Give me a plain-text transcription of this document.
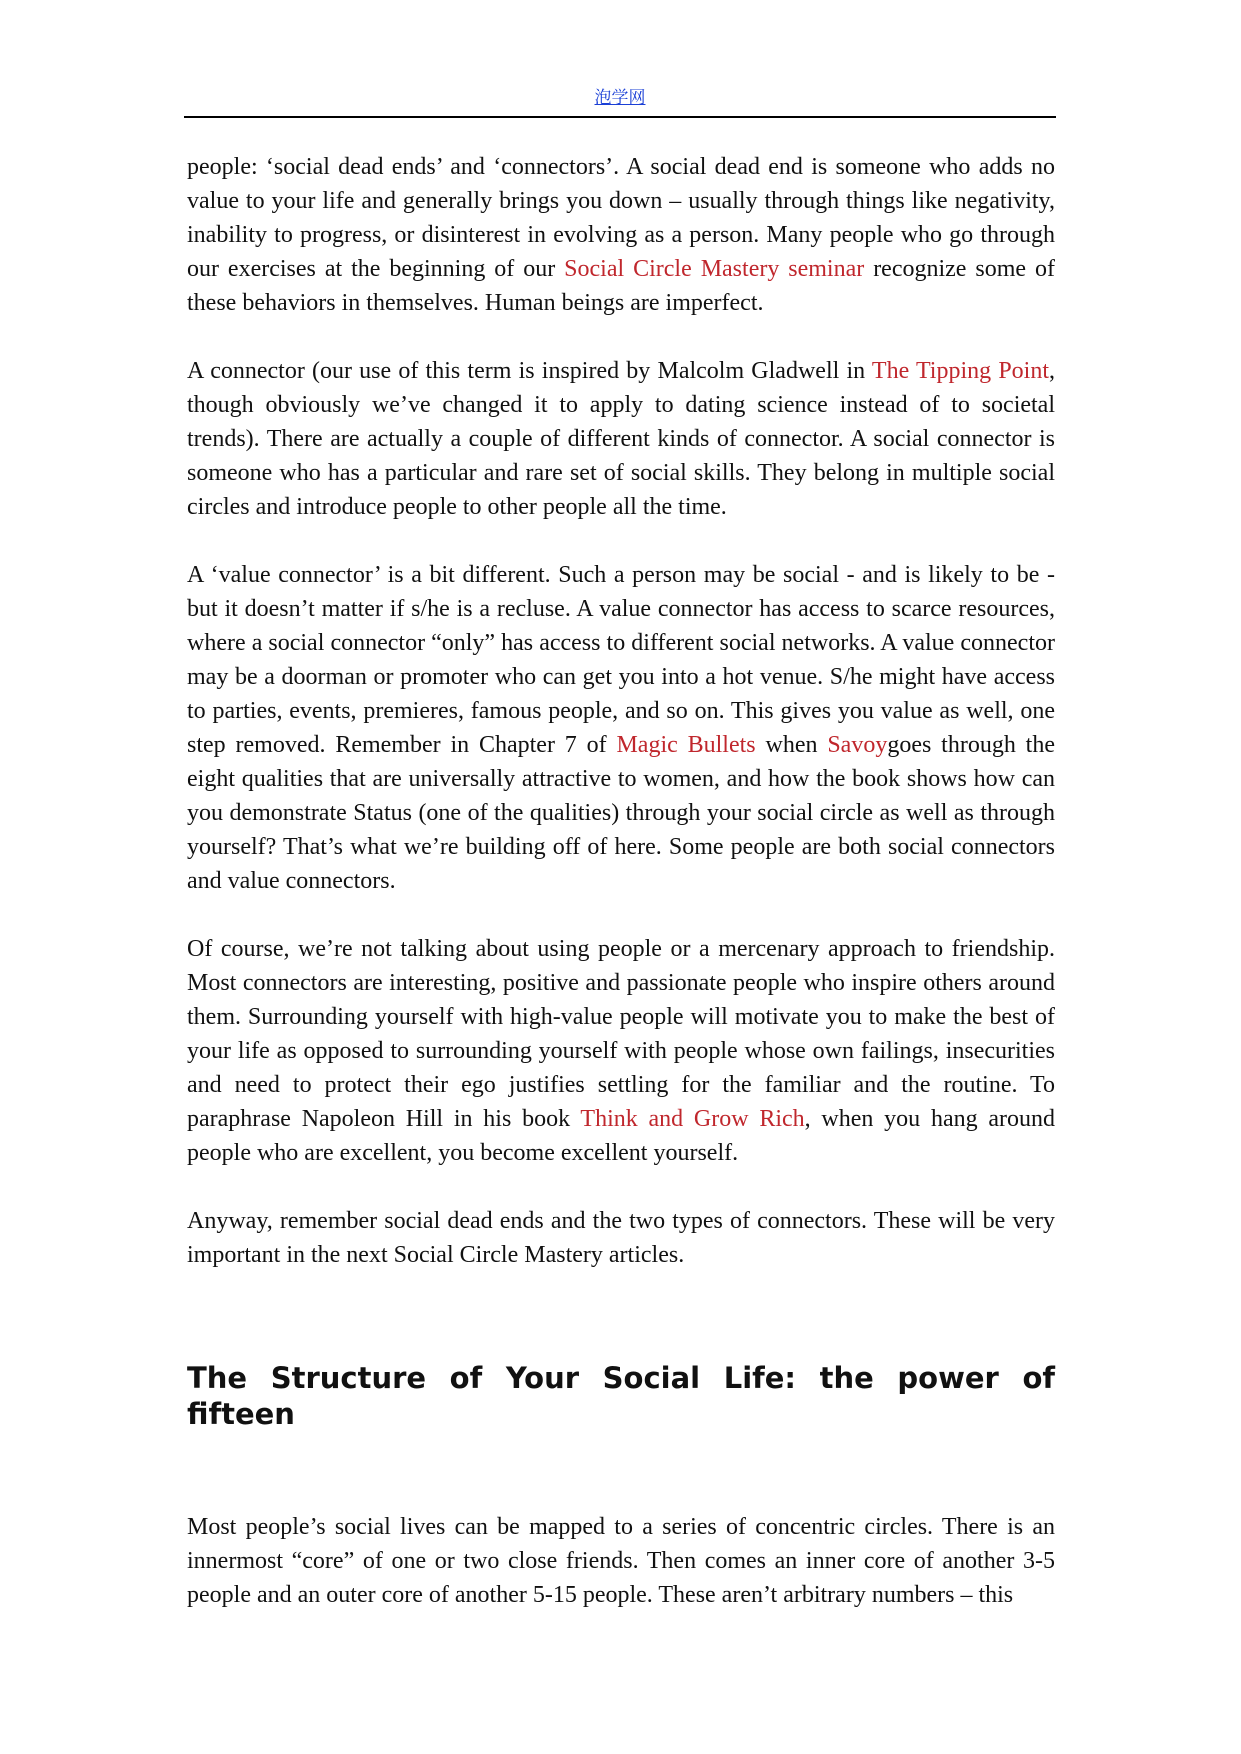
泡学网

people: ‘social dead ends’ and ‘connectors’. A social dead end is someone who adds no value to your life and generally brings you down – usually through things like negativity, inability to progress, or disinterest in evolving as a person. Many people who go through our exercises at the beginning of our Social Circle Mastery seminar recognize some of these behaviors in themselves. Human beings are imperfect.

A connector (our use of this term is inspired by Malcolm Gladwell in The Tipping Point, though obviously we’ve changed it to apply to dating science instead of to societal trends). There are actually a couple of different kinds of connector. A social connector is someone who has a particular and rare set of social skills. They belong in multiple social circles and introduce people to other people all the time.

A ‘value connector’ is a bit different. Such a person may be social - and is likely to be - but it doesn’t matter if s/he is a recluse. A value connector has access to scarce resources, where a social connector “only” has access to different social networks. A value connector may be a doorman or promoter who can get you into a hot venue. S/he might have access to parties, events, premieres, famous people, and so on. This gives you value as well, one step removed. Remember in Chapter 7 of Magic Bullets when Savoygoes through the eight qualities that are universally attractive to women, and how the book shows how can you demonstrate Status (one of the qualities) through your social circle as well as through yourself? That’s what we’re building off of here. Some people are both social connectors and value connectors.

Of course, we’re not talking about using people or a mercenary approach to friendship. Most connectors are interesting, positive and passionate people who inspire others around them. Surrounding yourself with high-value people will motivate you to make the best of your life as opposed to surrounding yourself with people whose own failings, insecurities and need to protect their ego justifies settling for the familiar and the routine. To paraphrase Napoleon Hill in his book Think and Grow Rich, when you hang around people who are excellent, you become excellent yourself.

Anyway, remember social dead ends and the two types of connectors. These will be very important in the next Social Circle Mastery articles.

The Structure of Your Social Life: the power of fifteen

Most people’s social lives can be mapped to a series of concentric circles. There is an innermost “core” of one or two close friends. Then comes an inner core of another 3-5 people and an outer core of another 5-15 people. These aren’t arbitrary numbers – this
